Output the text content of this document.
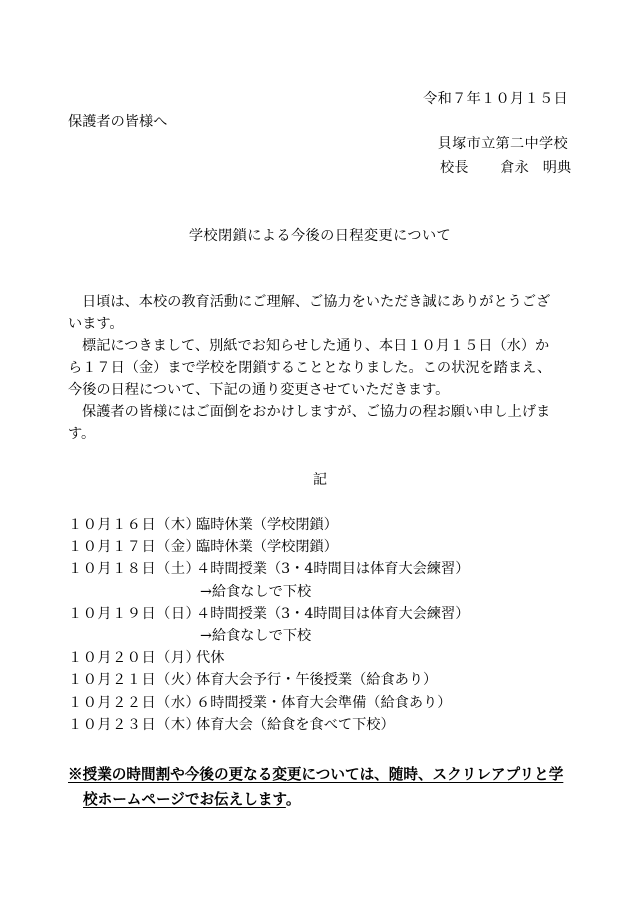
令和７年１０月１５日
保護者の皆様へ
貝塚市立第二中学校
校長 倉永 明典
学校閉鎖による今後の日程変更について

日頃は、本校の教育活動にご理解、ご協力をいただき誠にありがとうござ
います。

標記につきまして、別紙でお知らせした通り、本日１０月１５日（水）か
ら１７日（金）まで学校を閉鎖することとなりました。この状況を踏まえ、
今後の日程について、下記の通り変更させていただきます。

保護者の皆様にはご面倒をおかけしますが、ご協力の程お願い申し上げま
す。

記
１０月１６日（木）
臨時休業（学校閉鎖）
１０月１７日（金）
臨時休業（学校閉鎖）
１０月１８日（土）
４時間授業（3・4時間目は体育大会練習）
→給食なしで下校
１０月１９日（日）
４時間授業（3・4時間目は体育大会練習）
→給食なしで下校
１０月２０日（月）
代休
１０月２１日（火）
体育大会予行・午後授業（給食あり）
１０月２２日（水）
６時間授業・体育大会準備（給食あり）
１０月２３日（木）
体育大会（給食を食べて下校）
※授業の時間割や今後の更なる変更については、随時、スクリレアプリと学
校ホームページでお伝えします。
